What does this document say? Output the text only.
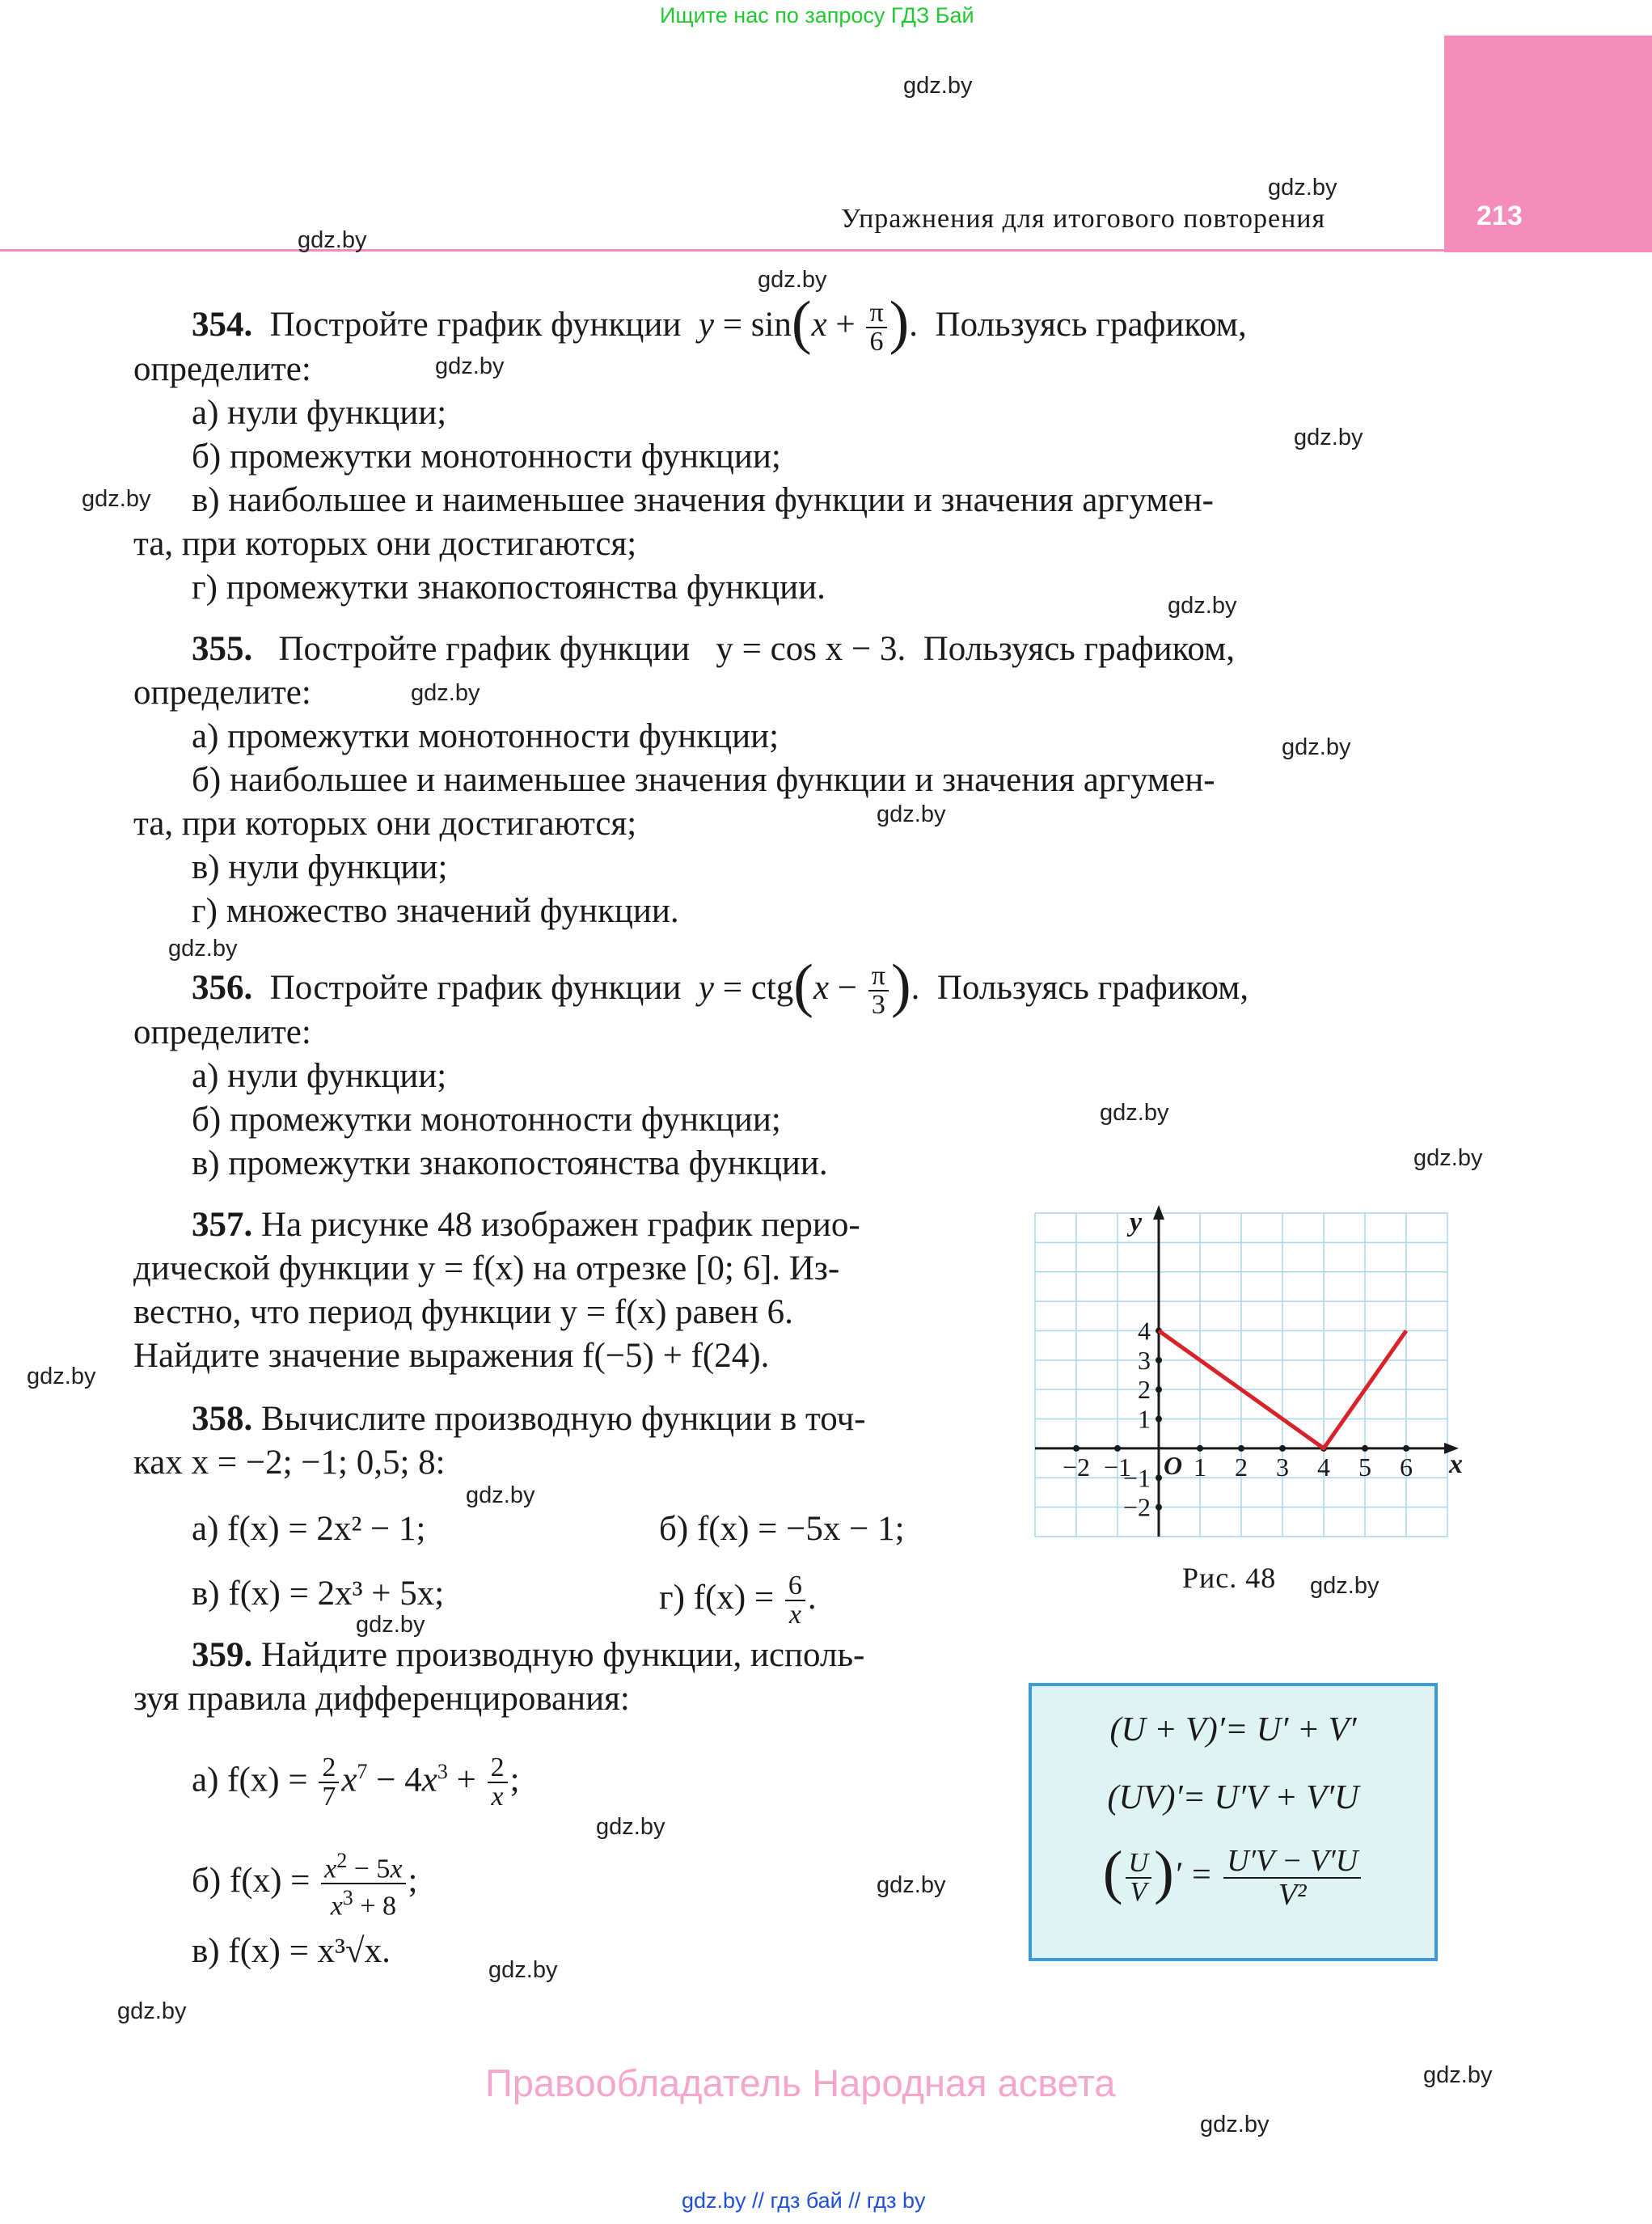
Ищите нас по запросу ГДЗ Бай
213
Упражнения для итогового повторения
gdz.by
gdz.by
gdz.by
gdz.by
gdz.by
gdz.by
gdz.by
gdz.by
gdz.by
gdz.by
gdz.by
gdz.by
gdz.by
gdz.by
gdz.by
gdz.by
gdz.by
gdz.by
gdz.by
gdz.by
gdz.by
gdz.by
gdz.by
gdz.by
354. Постройте график функции $y = \sin(x + \frac{\pi}{6}$ ).  Пользуясь графиком,
определите:
а) нули функции;
б) промежутки монотонности функции;
в) наибольшее и наименьшее значения функции и значения аргумен-
та, при которых они достигаются;
г) промежутки знакопостоянства функции.
355. Постройте график функции y = cos x − 3. Пользуясь графиком,
определите:
а) промежутки монотонности функции;
б) наибольшее и наименьшее значения функции и значения аргумен-
та, при которых они достигаются;
в) нули функции;
г) множество значений функции.
356. Постройте график функции $y = ctg(x - \frac{\pi}{3}$ ).  Пользуясь графиком,
определите:
а) нули функции;
б) промежутки монотонности функции;
в) промежутки знакопостоянства функции.
357. На рисунке 48 изображен график перио-
дической функции y = f(x) на отрезке [0; 6]. Из-
вестно, что период функции y = f(x) равен 6.
Найдите значение выражения f(−5) + f(24).
358. Вычислите производную функции в точ-
ках x = −2; −1; 0,5; 8:
а) f(x) = 2x² − 1;	б) f(x) = −5x − 1;
в) f(x) = 2x³ + 5x;	г) $f(x) = \frac{6}{x}$ .
359. Найдите производную функции, исполь-
зуя правила дифференцирования:
а) $f(x) = \frac{2}{7} x^7 - 4x^3 + \frac{2}{x}$ ;
б) $f(x) = \frac{x^2 - 5x}{x^3 + 8}$ ;
в) f(x) = x³√x.
−2 −1 1 2 3 4 5 6
1
2
3
4
−1
−2
O	x
y
Рис. 48
(U + V)′= U′ + V′
(UV)′= U′V + V′U
( $\frac{U}{V}$ )′ = $\frac{U'V - V'U}{\text{V²}}$
Правообладатель Народная асвета
gdz.by // гдз бай // гдз by
